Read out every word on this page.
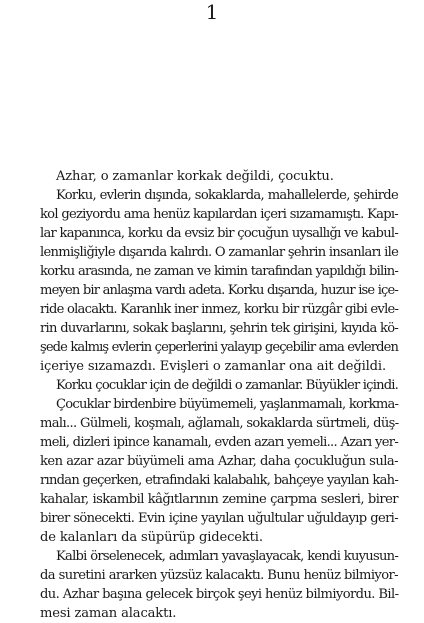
1
Azhar, o zamanlar korkak değildi, çocuktu.
Korku, evlerin dışında, sokaklarda, mahallelerde, şehirde
kol geziyordu ama henüz kapılardan içeri sızamamıştı. Kapı-
lar kapanınca, korku da evsiz bir çocuğun uysallığı ve kabul-
lenmişliğiyle dışarıda kalırdı. O zamanlar şehrin insanları ile
korku arasında, ne zaman ve kimin tarafından yapıldığı bilin-
meyen bir anlaşma vardı adeta. Korku dışarıda, huzur ise içe-
ride olacaktı. Karanlık iner inmez, korku bir rüzgâr gibi evle-
rin duvarlarını, sokak başlarını, şehrin tek girişini, kıyıda kö-
şede kalmış evlerin çeperlerini yalayıp geçebilir ama evlerden
içeriye sızamazdı. Evişleri o zamanlar ona ait değildi.
Korku çocuklar için de değildi o zamanlar. Büyükler içindi.
Çocuklar birdenbire büyümemeli, yaşlanmamalı, korkma-
malı... Gülmeli, koşmalı, ağlamalı, sokaklarda sürtmeli, düş-
meli, dizleri ipince kanamalı, evden azarı yemeli... Azarı yer-
ken azar azar büyümeli ama Azhar, daha çocukluğun sula-
rından geçerken, etrafındaki kalabalık, bahçeye yayılan kah-
kahalar, iskambil kâğıtlarının zemine çarpma sesleri, birer
birer sönecekti. Evin içine yayılan uğultular uğuldayıp geri-
de kalanları da süpürüp gidecekti.
Kalbi örselenecek, adımları yavaşlayacak, kendi kuyusun-
da suretini ararken yüzsüz kalacaktı. Bunu henüz bilmiyor-
du. Azhar başına gelecek birçok şeyi henüz bilmiyordu. Bil-
mesi zaman alacaktı.
